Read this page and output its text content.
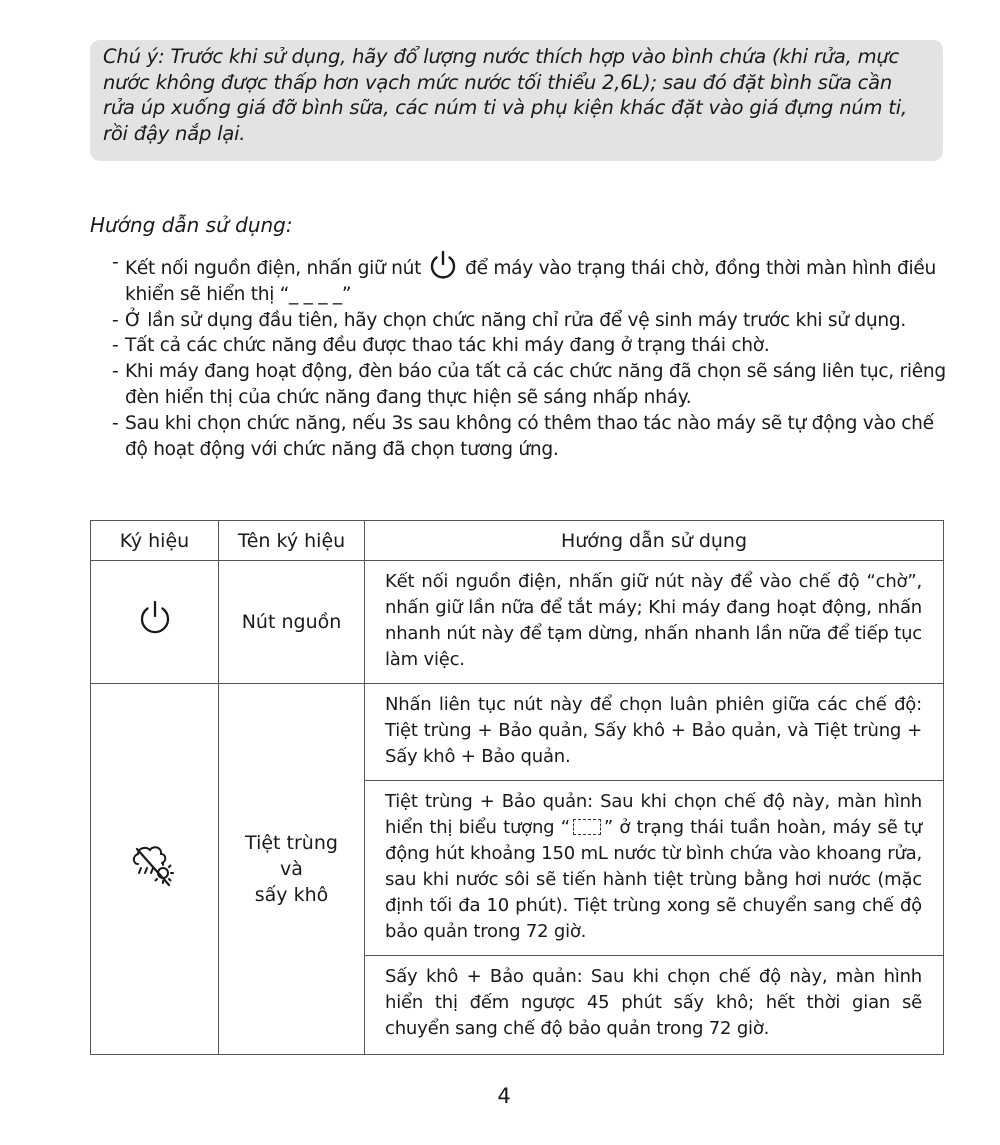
Chú ý: Trước khi sử dụng, hãy đổ lượng nước thích hợp vào bình chứa (khi rửa, mực nước không được thấp hơn vạch mức nước tối thiểu 2,6L); sau đó đặt bình sữa cần rửa úp xuống giá đỡ bình sữa, các núm ti và phụ kiện khác đặt vào giá đựng núm ti, rồi đậy nắp lại.
Hướng dẫn sử dụng:
- Kết nối nguồn điện, nhấn giữ nút để máy vào trạng thái chờ, đồng thời màn hình điều khiển sẽ hiển thị “_ _ _ _”
- Ở lần sử dụng đầu tiên, hãy chọn chức năng chỉ rửa để vệ sinh máy trước khi sử dụng.
- Tất cả các chức năng đều được thao tác khi máy đang ở trạng thái chờ.
- Khi máy đang hoạt động, đèn báo của tất cả các chức năng đã chọn sẽ sáng liên tục, riêng đèn hiển thị của chức năng đang thực hiện sẽ sáng nhấp nháy.
- Sau khi chọn chức năng, nếu 3s sau không có thêm thao tác nào máy sẽ tự động vào chế độ hoạt động với chức năng đã chọn tương ứng.
Ký hiệu	Tên ký hiệu	Hướng dẫn sử dụng
	Nút nguồn	Kết nối nguồn điện, nhấn giữ nút này để vào chế độ “chờ”, nhấn giữ lần nữa để tắt máy; Khi máy đang hoạt động, nhấn nhanh nút này để tạm dừng, nhấn nhanh lần nữa để tiếp tục làm việc.
	Tiệt trùng
và
sấy khô	Nhấn liên tục nút này để chọn luân phiên giữa các chế độ: Tiệt trùng + Bảo quản, Sấy khô + Bảo quản, và Tiệt trùng + Sấy khô + Bảo quản.
		Tiệt trùng + Bảo quản: Sau khi chọn chế độ này, màn hình hiển thị biểu tượng “ ” ở trạng thái tuần hoàn, máy sẽ tự động hút khoảng 150 mL nước từ bình chứa vào khoang rửa, sau khi nước sôi sẽ tiến hành tiệt trùng bằng hơi nước (mặc định tối đa 10 phút). Tiệt trùng xong sẽ chuyển sang chế độ bảo quản trong 72 giờ.
		Sấy khô + Bảo quản: Sau khi chọn chế độ này, màn hình hiển thị đếm ngược 45 phút sấy khô; hết thời gian sẽ chuyển sang chế độ bảo quản trong 72 giờ.
4
